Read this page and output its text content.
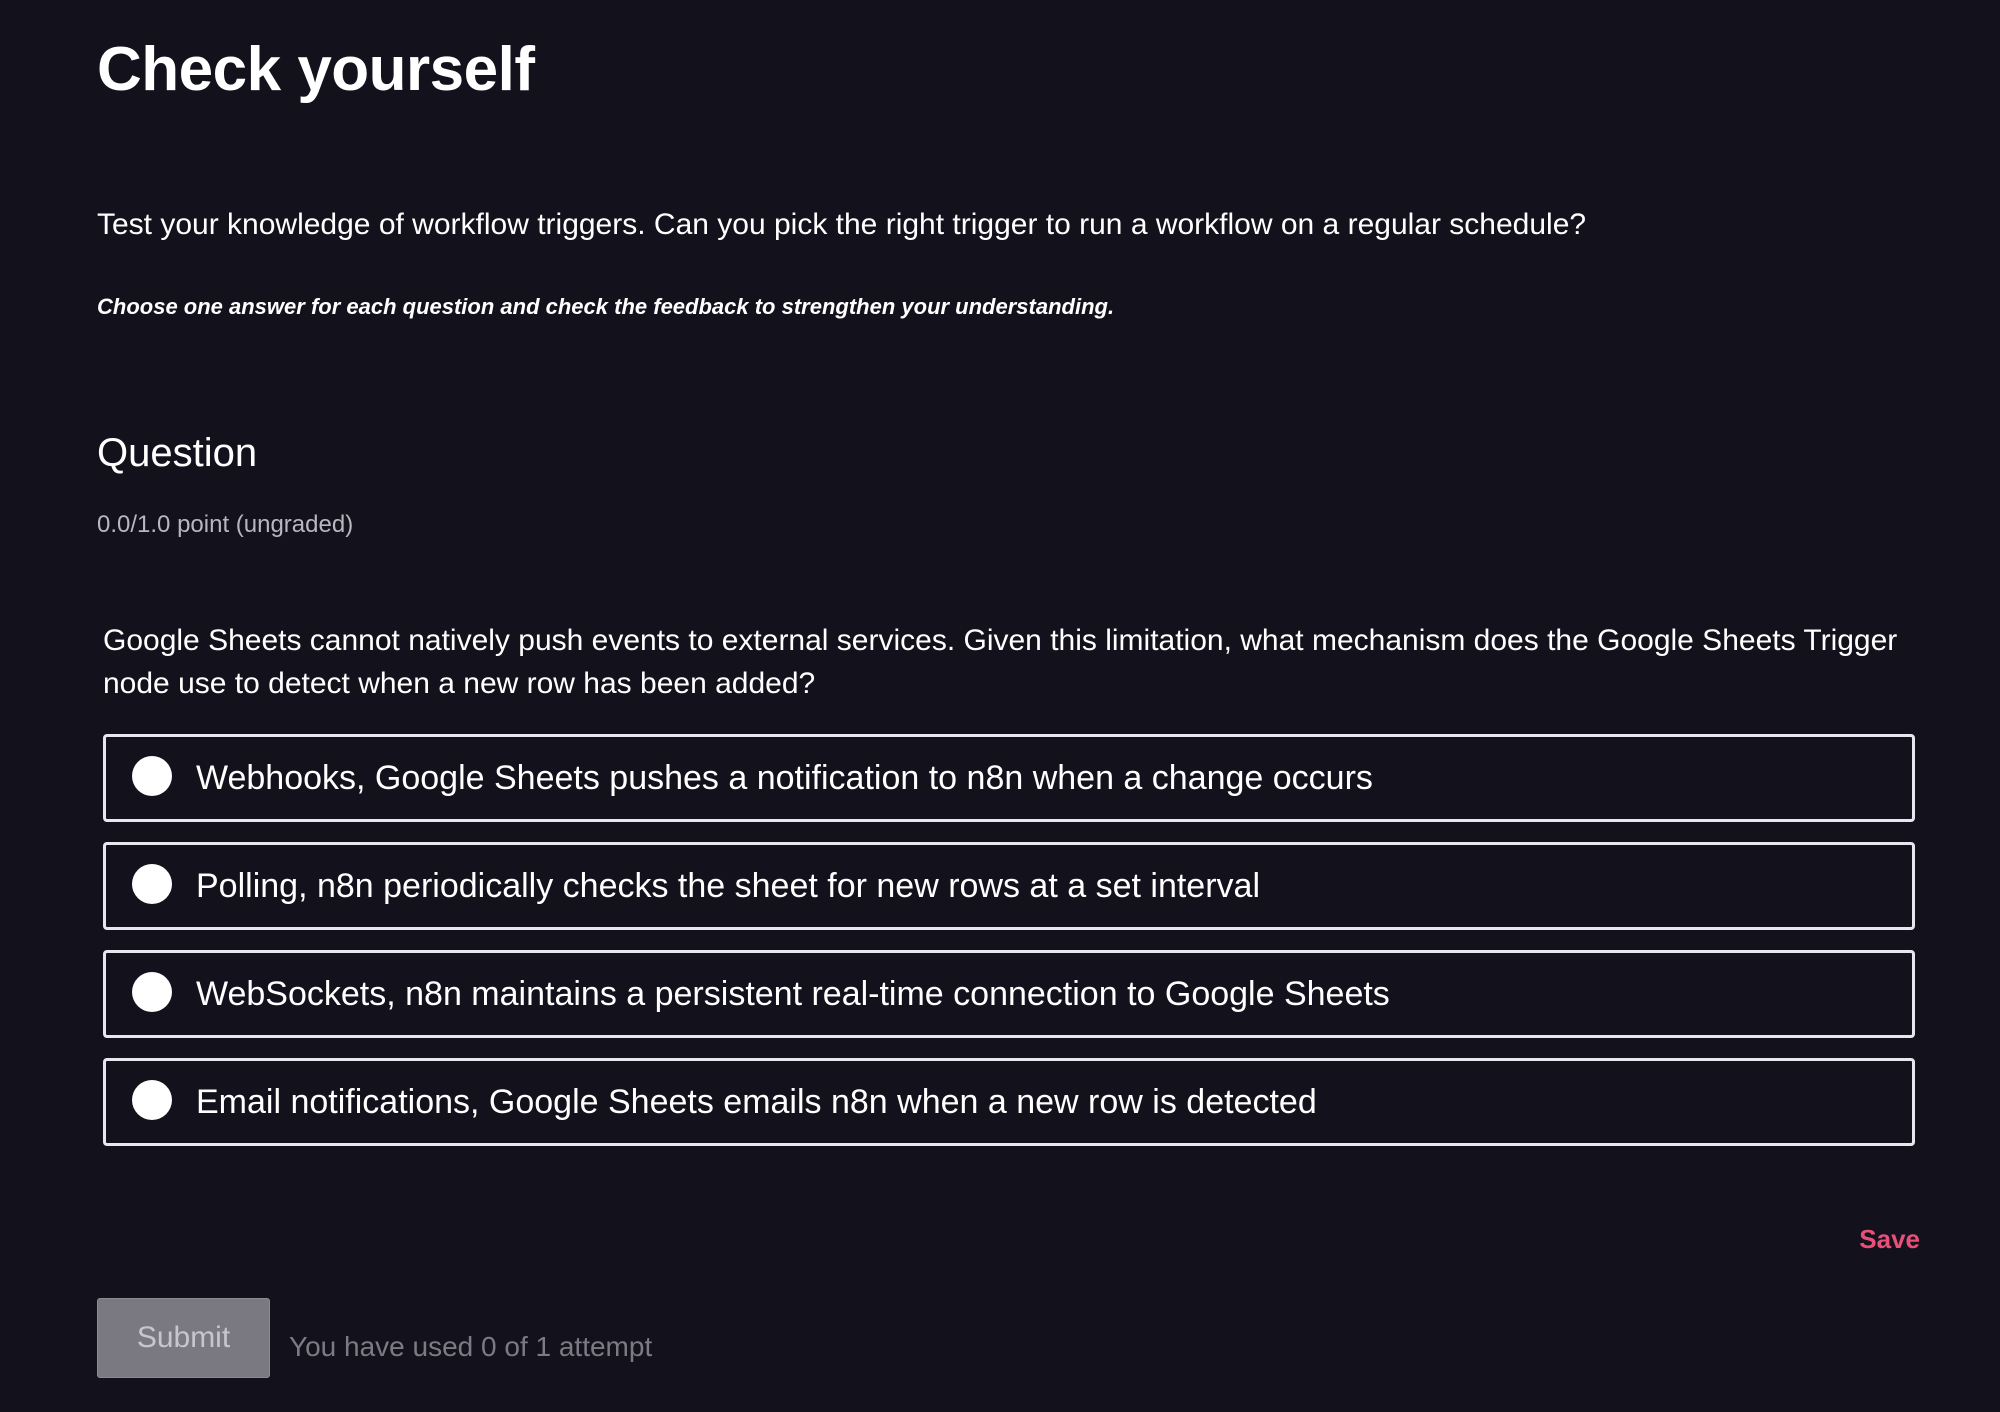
Check yourself

Test your knowledge of workflow triggers. Can you pick the right trigger to run a workflow on a regular schedule?

Choose one answer for each question and check the feedback to strengthen your understanding.

Question

0.0/1.0 point (ungraded)

Google Sheets cannot natively push events to external services. Given this limitation, what mechanism does the Google Sheets Trigger node use to detect when a new row has been added?

Webhooks, Google Sheets pushes a notification to n8n when a change occurs
Polling, n8n periodically checks the sheet for new rows at a set interval
WebSockets, n8n maintains a persistent real-time connection to Google Sheets
Email notifications, Google Sheets emails n8n when a new row is detected
Save
Submit	You have used 0 of 1 attempt
